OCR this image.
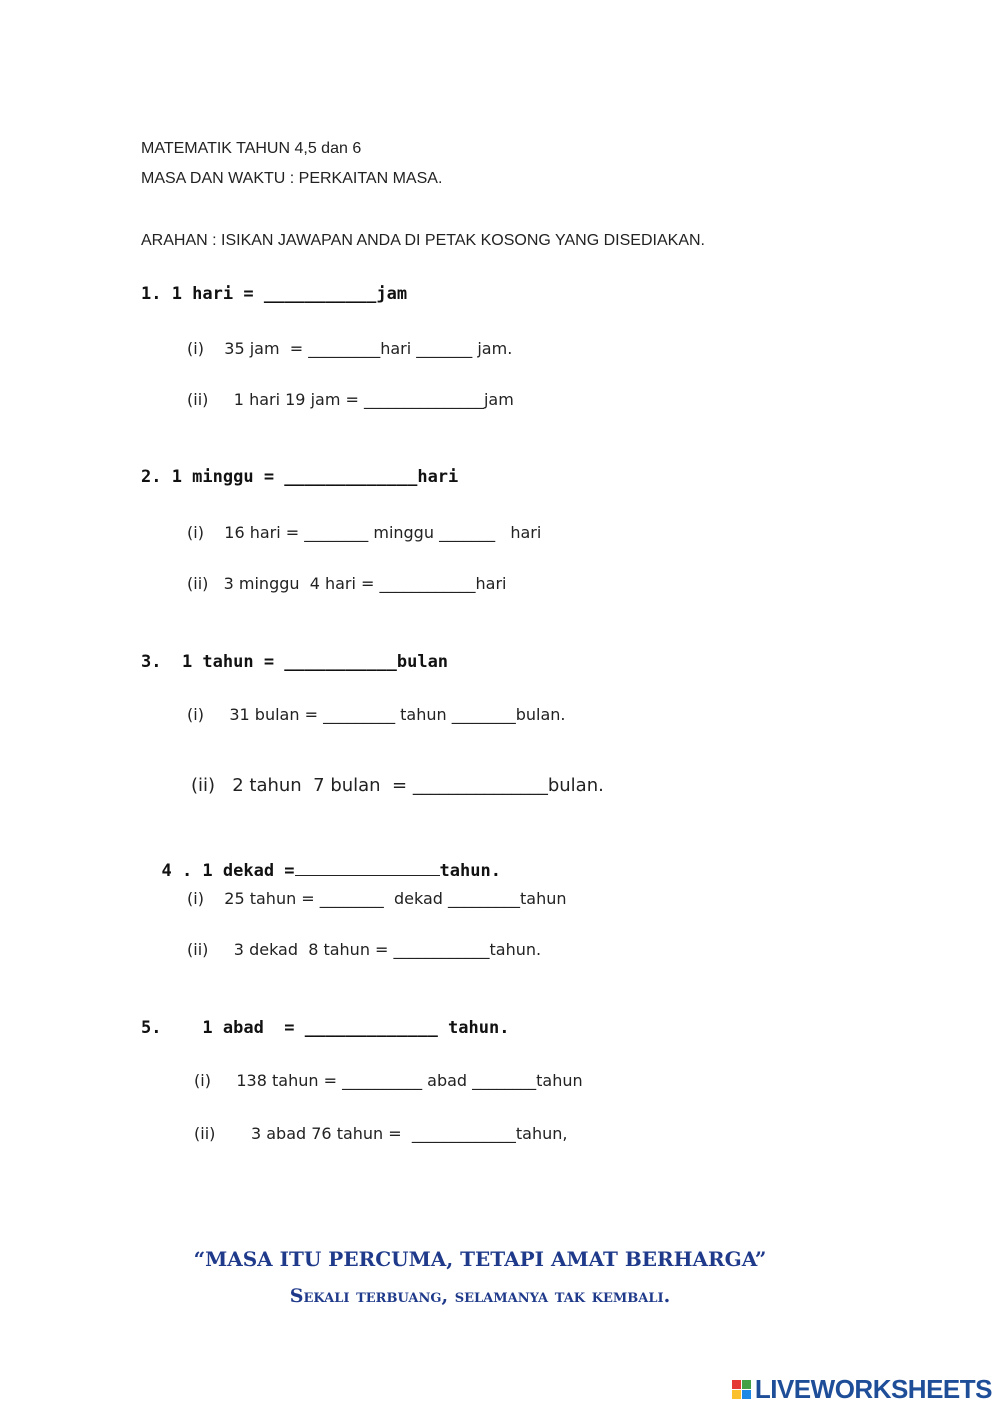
MATEMATIK TAHUN 4,5 dan 6
MASA DAN WAKTU : PERKAITAN MASA.
ARAHAN : ISIKAN JAWAPAN ANDA DI PETAK KOSONG YANG DISEDIAKAN.
1. 1 hari = ___________jam
(i)    35 jam  = _________hari _______ jam.
(ii)     1 hari 19 jam = _______________jam
2. 1 minggu = _____________hari
(i)    16 hari = ________ minggu _______   hari
(ii)   3 minggu  4 hari = ____________hari
3.  1 tahun = ___________bulan
(i)     31 bulan = _________ tahun ________bulan.
(ii)   2 tahun  7 bulan  = _______________bulan.

4 . 1 dekad =	tahun.

(i)    25 tahun = ________  dekad _________tahun
(ii)     3 dekad  8 tahun = ____________tahun.
5.    1 abad  = _____________ tahun.
(i)     138 tahun = __________ abad ________tahun
(ii)       3 abad 76 tahun =  _____________tahun,
“MASA ITU PERCUMA, TETAPI AMAT BERHARGA”
Sekali terbuang, selamanya tak kembali.
LIVEWORKSHEETS
